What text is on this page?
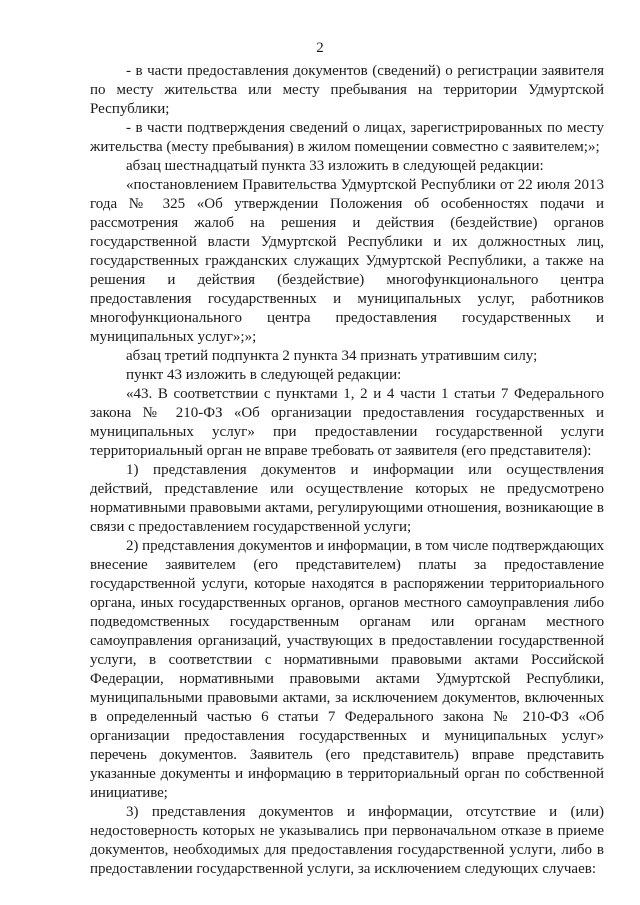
2

- в части предоставления документов (сведений) о регистрации заявителя по месту жительства или месту пребывания на территории Удмуртской Республики;

- в части подтверждения сведений о лицах, зарегистрированных по месту жительства (месту пребывания) в жилом помещении совместно с заявителем;»;

абзац шестнадцатый пункта 33 изложить в следующей редакции:

«постановлением Правительства Удмуртской Республики от 22 июля 2013 года № 325 «Об утверждении Положения об особенностях подачи и рассмотрения жалоб на решения и действия (бездействие) органов государственной власти Удмуртской Республики и их должностных лиц, государственных гражданских служащих Удмуртской Республики, а также на решения и действия (бездействие) многофункционального центра предоставления государственных и муниципальных услуг, работников многофункционального центра предоставления государственных и муниципальных услуг»;»;

абзац третий подпункта 2 пункта 34 признать утратившим силу;

пункт 43 изложить в следующей редакции:

«43. В соответствии с пунктами 1, 2 и 4 части 1 статьи 7 Федерального закона № 210-ФЗ «Об организации предоставления государственных и муниципальных услуг» при предоставлении государственной услуги территориальный орган не вправе требовать от заявителя (его представителя):

1) представления документов и информации или осуществления действий, представление или осуществление которых не предусмотрено нормативными правовыми актами, регулирующими отношения, возникающие в связи с предоставлением государственной услуги;

2) представления документов и информации, в том числе подтверждающих внесение заявителем (его представителем) платы за предоставление государственной услуги, которые находятся в распоряжении территориального органа, иных государственных органов, органов местного самоуправления либо подведомственных государственным органам или органам местного самоуправления организаций, участвующих в предоставлении государственной услуги, в соответствии с нормативными правовыми актами Российской Федерации, нормативными правовыми актами Удмуртской Республики, муниципальными правовыми актами, за исключением документов, включенных в определенный частью 6 статьи 7 Федерального закона № 210-ФЗ «Об организации предоставления государственных и муниципальных услуг» перечень документов. Заявитель (его представитель) вправе представить указанные документы и информацию в территориальный орган по собственной инициативе;

3) представления документов и информации, отсутствие и (или) недостоверность которых не указывались при первоначальном отказе в приеме документов, необходимых для предоставления государственной услуги, либо в предоставлении государственной услуги, за исключением следующих случаев:
